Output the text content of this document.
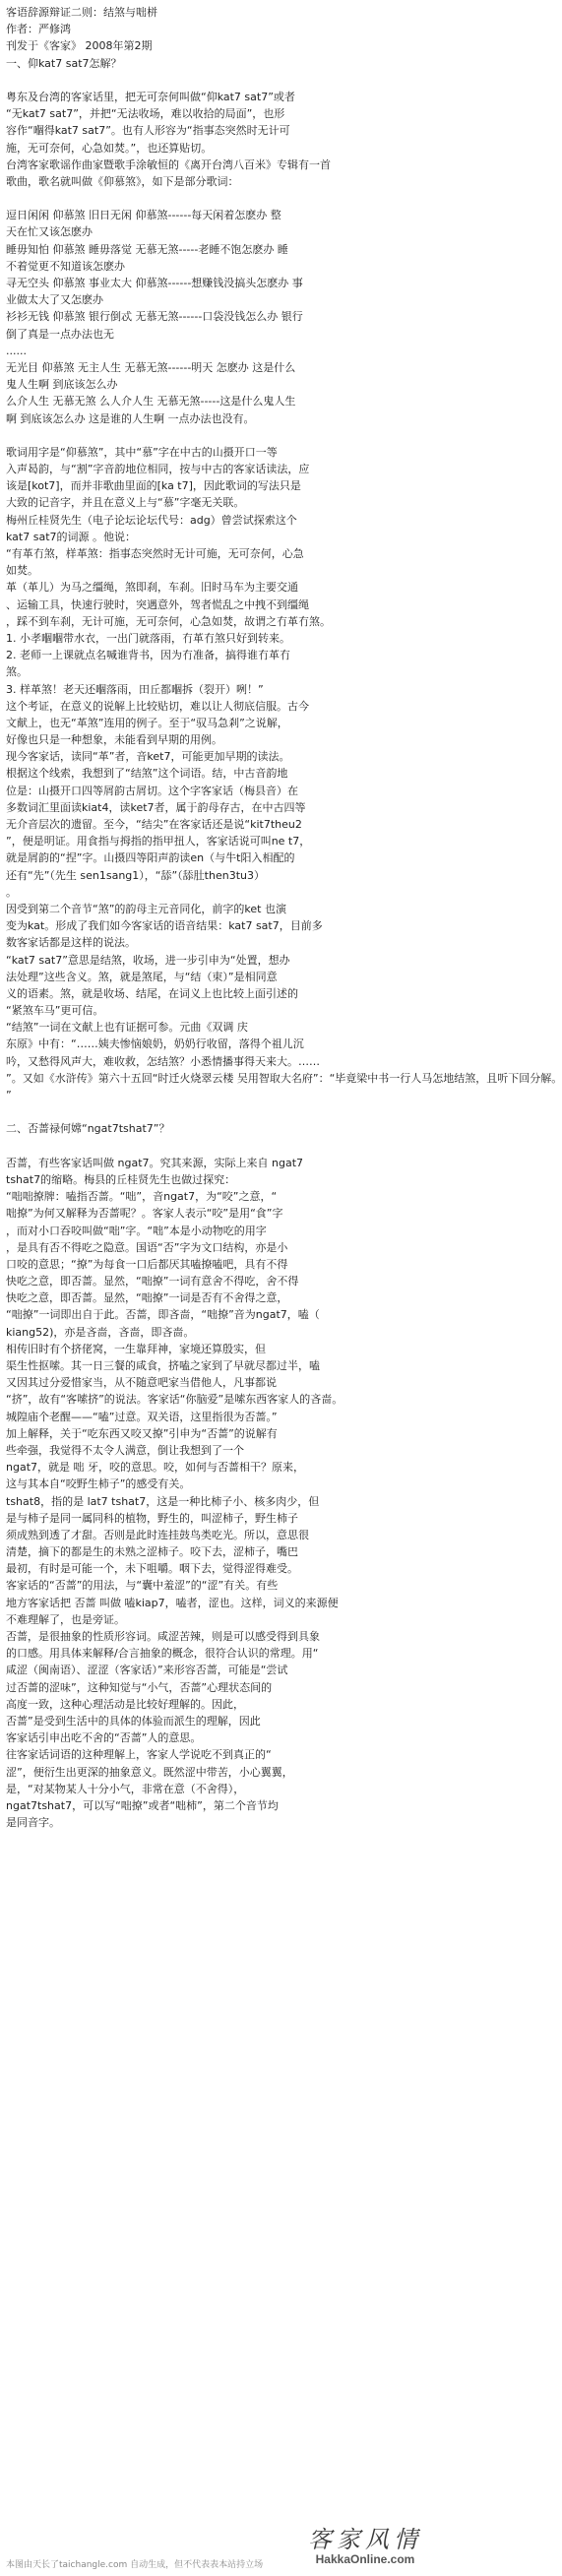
客语辞源辩证二则：结煞与咄栟
作者：严修鸿
刊发于《客家》 2008年第2期
一、仰kat7 sat7怎解？
粤东及台湾的客家话里，把无可奈何叫做“仰kat7 sat7”或者
“无kat7 sat7”，并把“无法收场，难以收拾的局面”，也形
容作“嗰得kat7 sat7”。也有人形容为“指事态突然时无计可
施，无可奈何，心急如焚。”，也还算贴切。
台湾客家歌谣作曲家暨歌手涂敏恒的《离开台湾八百米》专辑有一首
歌曲，歌名就叫做《仰慕煞》，如下是部分歌词：
逗日闲闲 仰慕煞 旧日无闲 仰慕煞------每天闲着怎麽办 整
天在忙又该怎麽办
睡毋知怕 仰慕煞 睡毋落觉 无慕无煞-----老睡不饱怎麽办 睡
不着觉更不知道该怎麽办
寻无空头 仰慕煞 事业太大 仰慕煞------想赚钱没搞头怎麽办 事
业做太大了又怎麽办
衫衫无钱 仰慕煞 银行倒忒 无慕无煞------口袋没钱怎么办 银行
倒了真是一点办法也无
......
无光目 仰慕煞 无主人生 无慕无煞------明天 怎麽办 这是什么
鬼人生啊 到底该怎么办
么介人生 无慕无煞 么人介人生 无慕无煞-----这是什么鬼人生
啊 到底该怎么办 这是谁的人生啊 一点办法也没有。
歌词用字是“仰慕煞”，其中“慕”字在中古的山摄开口一等
入声曷韵，与“割”字音韵地位相同，按与中古的客家话读法，应
该是[kot7]，而并非歌曲里面的[ka t7]，因此歌词的写法只是
大致的记音字，并且在意义上与“慕”字毫无关联。
梅州丘桂贤先生（电子论坛论坛代号：adg）曾尝试探索这个
kat7 sat7的词源 。他说：
“有革冇煞，样革煞：指事态突然时无计可施，无可奈何，心急
如焚。
革（革儿）为马之缰绳，煞即刹，车刹。旧时马车为主要交通
、运输工具，快速行驶时，突遇意外，驾者慌乱之中拽不到缰绳
，踩不到车刹，无计可施，无可奈何，心急如焚，故谓之冇革冇煞。
1. 小孝嗰嗰带水衣，一出门就落雨，冇革冇煞只好到转来。
2. 老师一上课就点名喊谁背书，因为冇准备，搞得谁冇革冇
煞。
3. 样革煞！老天还嗰落雨，田丘都嗰拆（裂开）咧！”
这个考证，在意义的说解上比较贴切，难以让人彻底信服。古今
文献上，也无“革煞”连用的例子。至于“驭马急剎”之说解，
好像也只是一种想象，未能看到早期的用例。
现今客家话，读同“革”者，音ket7，可能更加早期的读法。
根据这个线索，我想到了“结煞”这个词语。结，中古音韵地
位是：山摄开口四等屑韵古屑切。这个字客家话（梅县音）在
多数词汇里面读kiat4，读ket7者，属于韵母存古，在中古四等
无介音层次的遗留。至今，“结尖”在客家话还是说“kit7theu2
”，便是明证。用食指与拇指的指甲扭人，客家话说可叫ne t7，
就是屑韵的“捏”字。山摄四等阳声韵读en（与牛t阳入相配的
还有“先”（先生 sen1sang1），“舔”（舔肚then3tu3）
。
因受到第二个音节“煞”的韵母主元音同化，前字的ket 也演
变为kat。形成了我们如今客家话的语音结果：kat7 sat7，目前多
数客家话都是这样的说法。
“kat7 sat7”意思是结煞，收场，进一步引申为“处置，想办
法处理”这些含义。煞，就是煞尾，与“结（束）”是相同意
义的语素。煞，就是收场、结尾，在词义上也比较上面引述的
“紧煞车马”更可信。
“结煞”一词在文献上也有证据可参。元曲《双调 庆
东原》中有：“……姨夫惨恼娘奶，奶奶行收留，落得个祖儿沉
吟，又愁得风声大，难收救，怎结煞？小悉情播事得天来大。……
”。又如《水浒传》第六十五回“时迁火烧翠云楼 吴用智取大名府”：“毕竟梁中书一行人马怎地结煞，且听下回分解。
”
二、否蔷禄何嫦“ngat7tshat7”？
否蔷，有些客家话叫做 ngat7。究其来源，实际上来自 ngat7
tshat7的缩略。梅县的丘桂贤先生也做过探究：
“咄咄撩牌：嗑指否蔷。“咄”，音ngat7，为“咬”之意，“
咄撩”为何又解释为否蔷呢？。客家人表示“咬”是用“食”字
，而对小口吞咬叫做“咄”字。“咄”本是小动物吃的用字
，是具有否不得吃之隐意。国语“否”字为文口结构，亦是小
口咬的意思；“撩”为每食一口后都厌其嗑撩嗑吧，具有不得
快吃之意，即否蔷。显然，“咄撩”一词有意舍不得吃，舍不得
快吃之意，即否蔷。显然，“咄撩”一词是否有不舍得之意，
“咄撩”一词即出自于此。否蔷，即吝啬，“咄撩”音为ngat7，嗑（
kiang52)，亦是吝啬，吝啬，即吝啬。
相传旧时有个挤佬窝，一生靠拜神，家境还算殷实，但
渠生性抠嗦。其一日三餐的咸食，挤嗑之家到了早就尽都过半，嗑
又因其过分爱惜家当，从不随意吧家当借他人，凡事都说
“挤”，故有“客嗦挤”的说法。客家话“你脑爱”是嗦东西客家人的吝啬。
城隍庙个老醒——“嗑”过意。双关语，这里指很为否蔷。”
加上解释，关于“吃东西又咬又撩”引申为“否蔷”的说解有
些牵强，我觉得不太令人满意，倒让我想到了一个
ngat7，就是 咄 牙，咬的意思。咬，如何与否蔷相干？原来，
这与其本自“咬野生柿子”的感受有关。
tshat8，指的是 lat7 tshat7，这是一种比柿子小、核多肉少，但
是与柿子是同一属同科的植物，野生的，叫涩柿子，野生柿子
须成熟到透了才甜。否则是此时连挂鼓鸟类吃光。所以，意思很
清楚，摘下的都是生的未熟之涩柿子。咬下去，涩柿子，嘴巴
最初，有时是可能一个，未下咀嚼。咽下去，觉得涩得难受。
客家话的“否蔷”的用法，与“囊中羞涩”的“涩”有关。有些
地方客家话把 否蔷 叫做 嗑kiap7，嗑者，涩也。这样，词义的来源便
不难理解了，也是旁证。
否蔷，是很抽象的性质形容词。咸涩苦辣，则是可以感受得到具象
的口感。用具体来解释/合言抽象的概念，很符合认识的常理。用“
咸涩（闽南语）、涩涩（客家话）”来形容否蔷，可能是“尝试
过否蔷的涩味”，这种知觉与“小气，否蔷”心理状态间的
高度一致，这种心理活动是比较好理解的。因此，
否蔷”是受到生活中的具体的体验而派生的理解，因此
客家话引申出吃不舍的“否蔷”人的意思。
往客家话词语的这种理解上，客家人学说吃不到真正的“
涩”，便衍生出更深的抽象意义。既然涩中带苦，小心翼翼，
是，“对某物某人十分小气，非常在意（不舍得），
ngat7tshat7，可以写“咄撩”或者“咄柿”，第二个音节均
是同音字。
本图由天长了taichangle.com 自动生成，但不代表表本站持立场
客家风情
HakkaOnline.com
